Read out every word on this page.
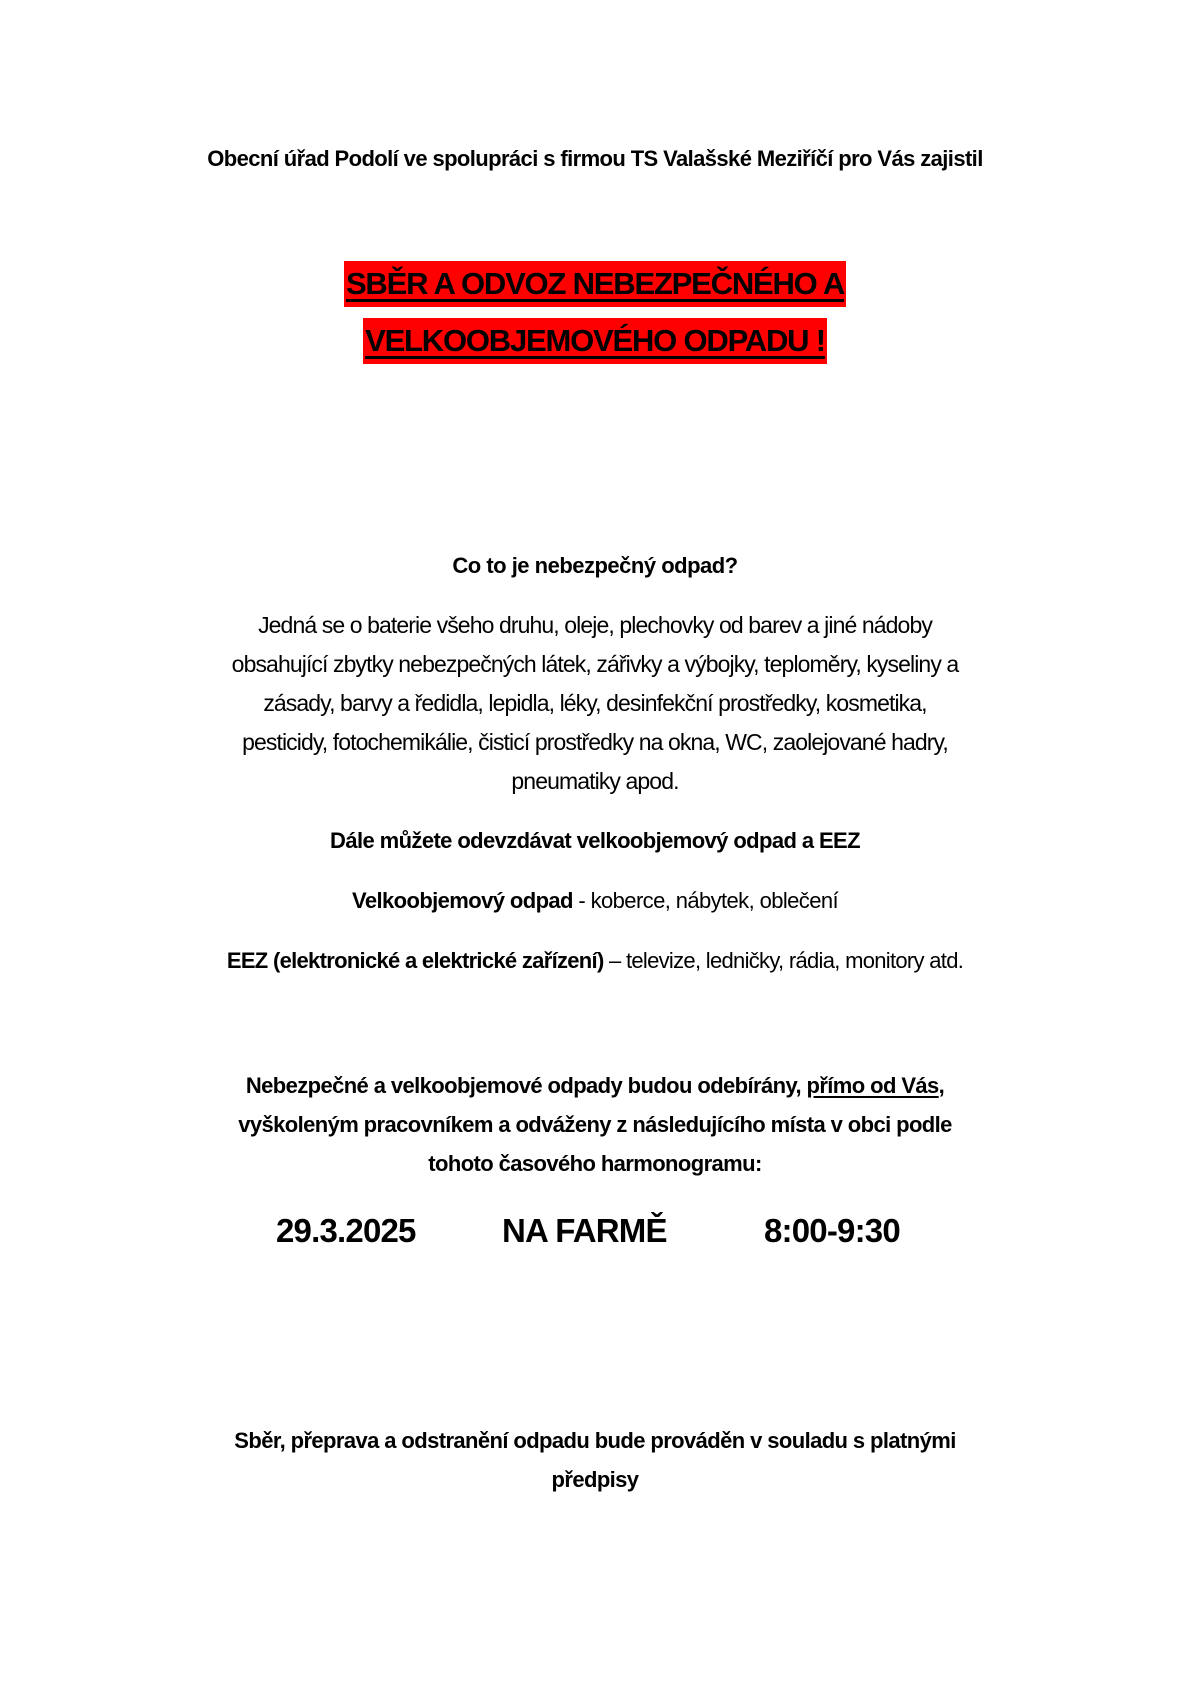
Obecní úřad Podolí ve spolupráci s firmou TS Valašské Meziříčí pro Vás zajistil
SBĚR A ODVOZ NEBEZPEČNÉHO A
VELKOOBJEMOVÉHO ODPADU !
Co to je nebezpečný odpad?
Jedná se o baterie všeho druhu, oleje, plechovky od barev a jiné nádoby
obsahující zbytky nebezpečných látek, zářivky a výbojky, teploměry, kyseliny a
zásady, barvy a ředidla, lepidla, léky, desinfekční prostředky, kosmetika,
pesticidy, fotochemikálie, čisticí prostředky na okna, WC, zaolejované hadry,
pneumatiky apod.
Dále můžete odevzdávat velkoobjemový odpad a EEZ
Velkoobjemový odpad - koberce, nábytek, oblečení
EEZ (elektronické a elektrické zařízení) – televize, ledničky, rádia, monitory atd.
Nebezpečné a velkoobjemové odpady budou odebírány, přímo od Vás,
vyškoleným pracovníkem a odváženy z následujícího místa v obci podle
tohoto časového harmonogramu:
29.3.2025	NA FARMĚ	8:00-9:30
Sběr, přeprava a odstranění odpadu bude prováděn v souladu s platnými
předpisy
